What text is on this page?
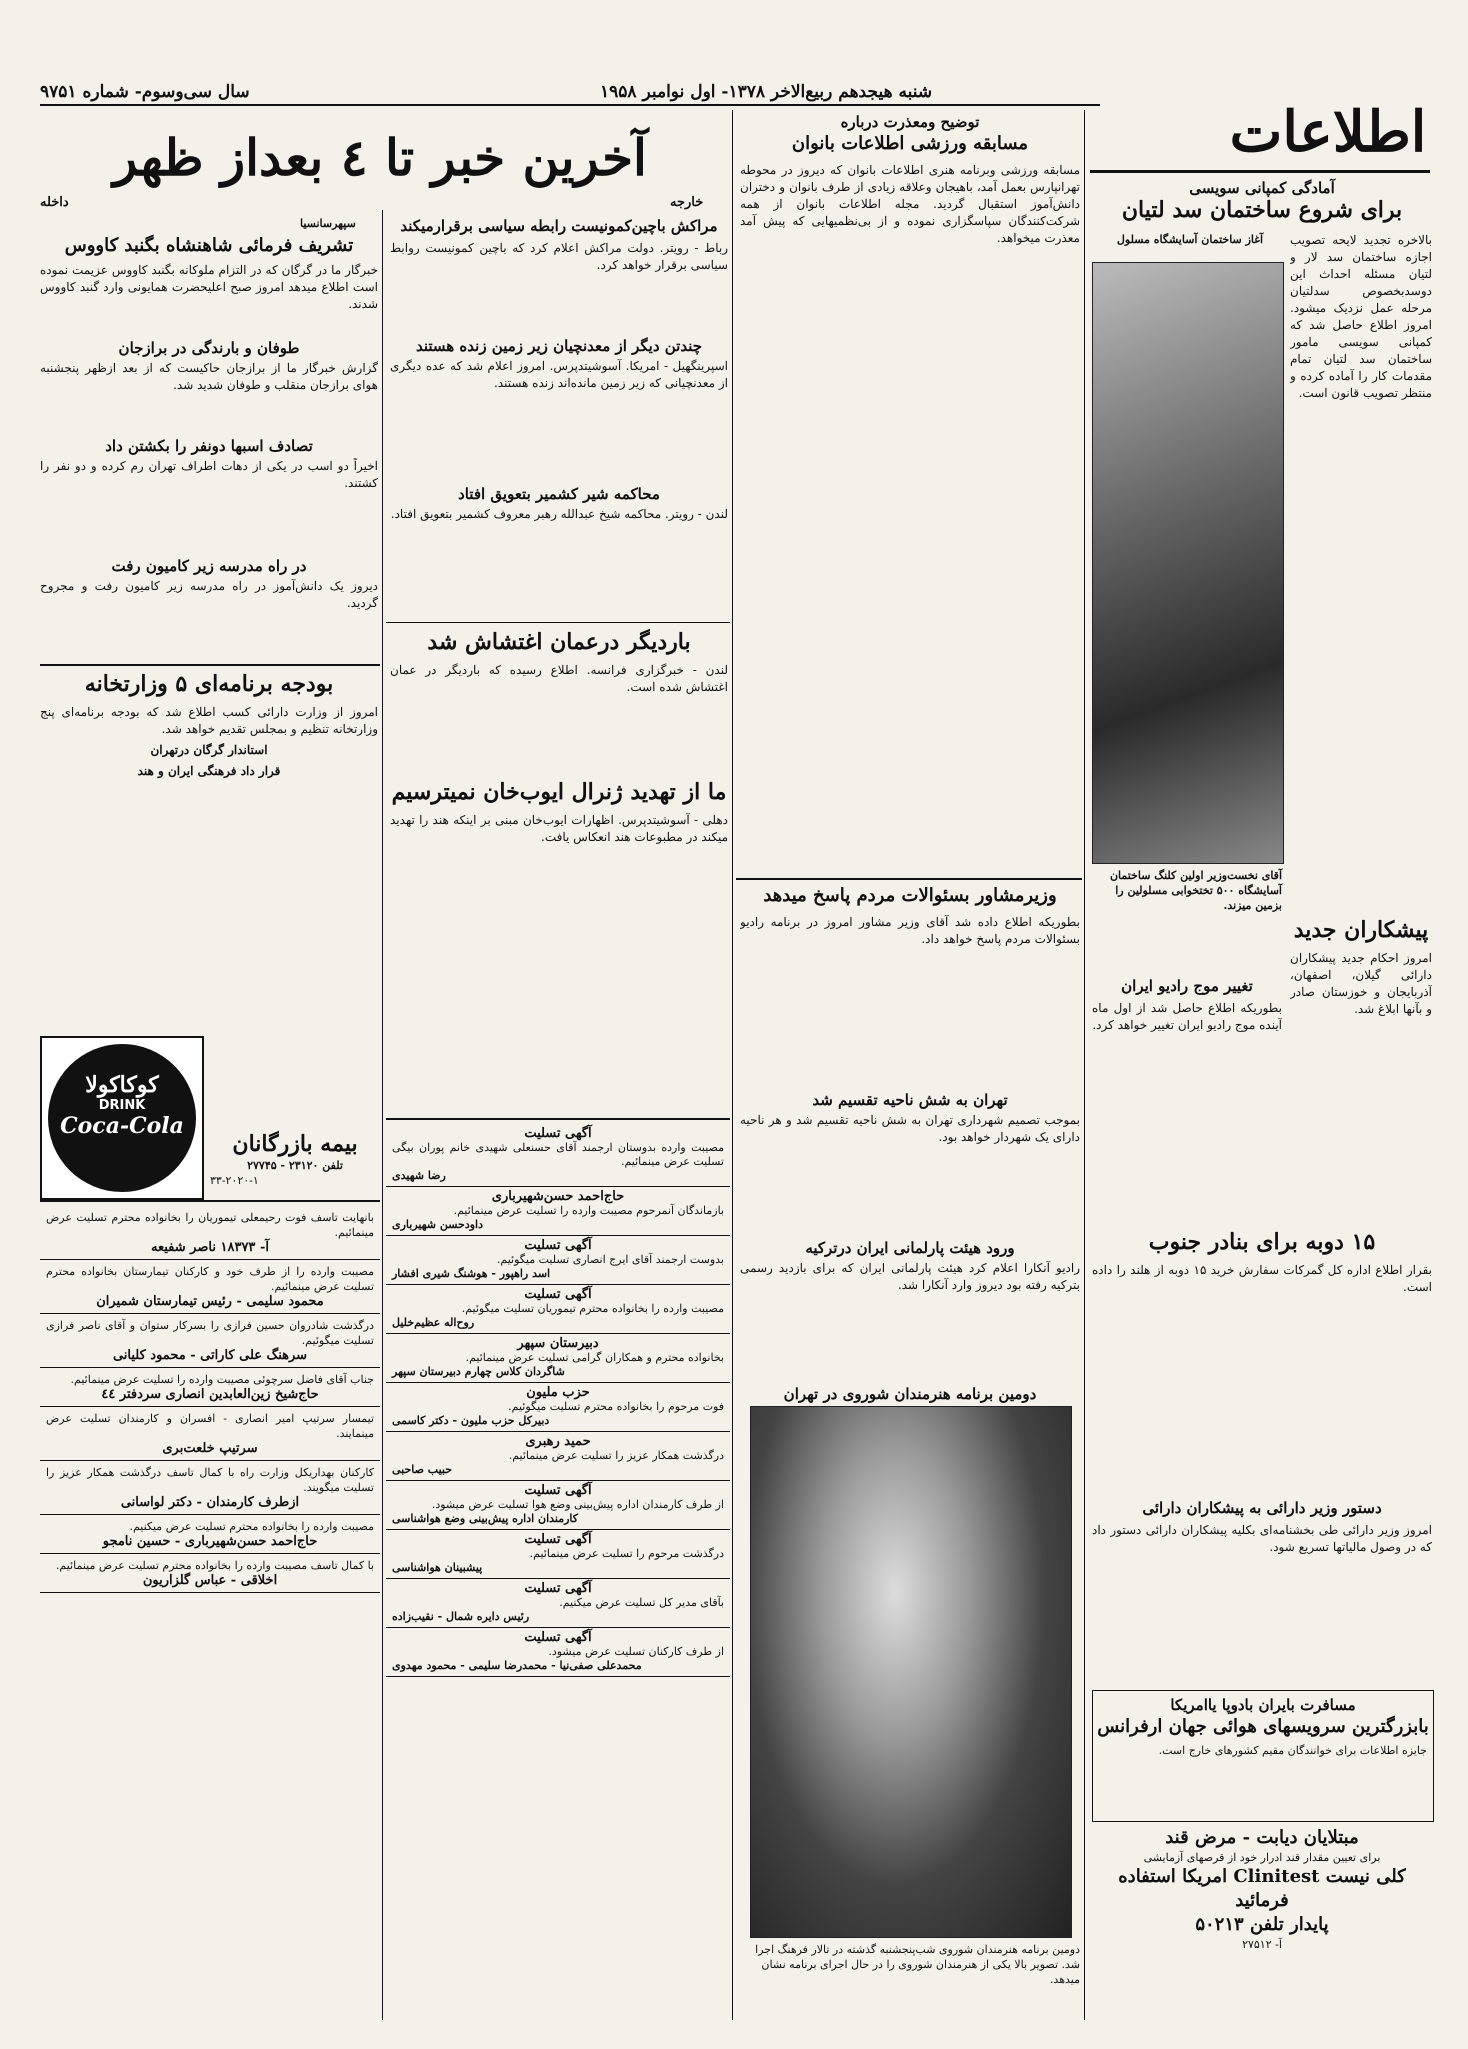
سال سی‌وسوم- شماره ۹۷۵۱	شنبه هیجدهم ربیع‌الاخر ۱۳۷۸- اول نوامبر ۱۹۵۸
اطلاعات
آخرین خبر تا ٤ بعداز ظهر
خارجه
داخله
آمادگی کمپانی سویسی
برای شروع ساختمان سد لتیان

بالاخره تجدید لایحه تصویب اجازه ساختمان سد لار و لتیان مسئله احداث این دوسدبخصوص سدلتیان مرحله عمل نزدیک میشود. امروز اطلاع حاصل شد که کمپانی سویسی مامور ساختمان سد لتیان تمام مقدمات کار را آماده کرده و منتظر تصویب قانون است.

آغاز ساختمان آسایشگاه مسلول
آقای نخست‌وزیر اولین کلنگ ساختمان آسایشگاه ۵۰۰ تختخوابی مسلولین را بزمین میزند.
پیشکاران جدید

امروز احکام جدید پیشکاران دارائی گیلان، اصفهان، آذربایجان و خوزستان صادر و بآنها ابلاغ شد.

تغییر موج رادیو ایران

بطوریکه اطلاع حاصل شد از اول ماه آینده موج رادیو ایران تغییر خواهد کرد.

۱۵ دوبه برای بنادر جنوب

بقرار اطلاع اداره کل گمرکات سفارش خرید ۱۵ دوبه از هلند را داده است.

دستور وزیر دارائی به پیشکاران دارائی

امروز وزیر دارائی طی بخشنامه‌ای بکلیه پیشکاران دارائی دستور داد که در وصول مالیاتها تسریع شود.

مسافرت بایران بادوپا یاامریکا
بابزرگترین سرویسهای هوائی جهان ارفرانس
جایزه اطلاعات برای خوانندگان مقیم کشورهای خارج است.
مبتلایان دیابت - مرض قند
برای تعیین مقدار قند ادرار خود از قرصهای آزمایشی
کلی نیست Clinitest امریکا استفاده فرمائید
پایدار تلفن ۵۰۲۱۳
آ- ۲۷۵۱۲
توضیح ومعذرت درباره
مسابقه ورزشی اطلاعات بانوان

مسابقه ورزشی وبرنامه هنری اطلاعات بانوان که دیروز در محوطه تهرانپارس بعمل آمد، باهیجان وعلاقه زیادی از طرف بانوان و دختران دانش‌آموز استقبال گردید. مجله اطلاعات بانوان از همه شرکت‌کنندگان سپاسگزاری نموده و از بی‌نظمیهایی که پیش آمد معذرت میخواهد.

وزیرمشاور بسئوالات مردم پاسخ میدهد

بطوریکه اطلاع داده شد آقای وزیر مشاور امروز در برنامه رادیو بسئوالات مردم پاسخ خواهد داد.

تهران به شش ناحیه تقسیم شد

بموجب تصمیم شهرداری تهران به شش ناحیه تقسیم شد و هر ناحیه دارای یک شهردار خواهد بود.

ورود هیئت پارلمانی ایران درترکیه

رادیو آنکارا اعلام کرد هیئت پارلمانی ایران که برای بازدید رسمی بترکیه رفته بود دیروز وارد آنکارا شد.

دومین برنامه هنرمندان شوروی در تهران
دومین برنامه هنرمندان شوروی شب‌پنجشنبه گذشته در تالار فرهنگ اجرا شد. تصویر بالا یکی از هنرمندان شوروی را در حال اجرای برنامه نشان میدهد.
مراکش باچین‌کمونیست رابطه سیاسی برقرارمیکند

رباط - رویتر. دولت مراکش اعلام کرد که باچین کمونیست روابط سیاسی برقرار خواهد کرد.

چندتن دیگر از معدنچیان زیر زمین زنده هستند

اسپرینگهیل - امریکا. آسوشیتدپرس. امروز اعلام شد که عده دیگری از معدنچیانی که زیر زمین مانده‌اند زنده هستند.

محاکمه شیر کشمیر بتعویق افتاد

لندن - رویتر. محاکمه شیخ عبدالله رهبر معروف کشمیر بتعویق افتاد.

باردیگر درعمان اغتشاش شد

لندن - خبرگزاری فرانسه. اطلاع رسیده که باردیگر در عمان اغتشاش شده است.

ما از تهدید ژنرال ایوب‌خان نمیترسیم

دهلی - آسوشیتدپرس. اظهارات ایوب‌خان مبنی بر اینکه هند را تهدید میکند در مطبوعات هند انعکاس یافت.

آگهی تسلیت
مصیبت وارده بدوستان ارجمند آقای حسنعلی شهیدی خانم پوران بیگی تسلیت عرض مینمائیم.
رضا شهیدی
حاج‌احمد حسن‌شهیرباری
بازماندگان آنمرحوم مصیبت وارده را تسلیت عرض مینمائیم.
داودحسن شهیرباری
آگهی تسلیت
بدوست ارجمند آقای ایرج انصاری تسلیت میگوئیم.
اسد راهپور - هوشنگ شیری افشار
آگهی تسلیت
مصیبت وارده را بخانواده محترم تیموریان تسلیت میگوئیم.
روح‌اله عظیم‌خلیل
دبیرستان سپهر
بخانواده محترم و همکاران گرامی تسلیت عرض مینمائیم.
شاگردان کلاس چهارم دبیرستان سپهر
حزب ملیون
فوت مرحوم را بخانواده محترم تسلیت میگوئیم.
دبیرکل حزب ملیون - دکتر کاسمی
حمید رهبری
درگذشت همکار عزیز را تسلیت عرض مینمائیم.
حبیب صاحبی
آگهی تسلیت
از طرف کارمندان اداره پیش‌بینی وضع هوا تسلیت عرض میشود.
کارمندان اداره پیش‌بینی وضع هواشناسی
آگهی تسلیت
درگذشت مرحوم را تسلیت عرض مینمائیم.
پیشبینان هواشناسی
آگهی تسلیت
بآقای مدیر کل تسلیت عرض میکنیم.
رئیس دایره شمال - نقیب‌زاده
آگهی تسلیت
از طرف کارکنان تسلیت عرض میشود.
محمدعلی صفی‌نیا - محمدرضا سلیمی - محمود مهدوی
سپهرسانسیا
تشریف فرمائی شاهنشاه بگنبد کاووس

خبرگار ما در گرگان که در التزام ملوکانه بگنبد کاووس عزیمت نموده است اطلاع میدهد امروز صبح اعلیحضرت همایونی وارد گنبد کاووس شدند.

طوفان و بارندگی در برازجان

گزارش خبرگار ما از برازجان حاکیست که از بعد ازظهر پنجشنبه هوای برازجان منقلب و طوفان شدید شد.

تصادف اسبها دونفر را بکشتن داد

اخیراً دو اسب در یکی از دهات اطراف تهران رم کرده و دو نفر را کشتند.

در راه مدرسه زیر کامیون رفت

دیروز یک دانش‌آموز در راه مدرسه زیر کامیون رفت و مجروح گردید.

بودجه برنامه‌ای ۵ وزارتخانه

امروز از وزارت دارائی کسب اطلاع شد که بودجه برنامه‌ای پنج وزارتخانه تنظیم و بمجلس تقدیم خواهد شد.

استاندار گرگان درتهران

قرار داد فرهنگی ایران و هند

کوکاکولا
DRINK
Coca-Cola
بیمه بازرگانان
تلفن ۲۳۱۲۰ - ۲۷۷۴۵
۳۳-۲۰۲۰-۱
بانهایت تاسف فوت رحیمعلی تیموریان را بخانواده محترم تسلیت عرض مینمائیم.
آ- ۱۸۳۷۳ ناصر شفیعه
مصیبت وارده را از طرف خود و کارکنان تیمارستان بخانواده محترم تسلیت عرض مینمائیم.
محمود سلیمی - رئیس تیمارستان شمیران
درگذشت شادروان حسین فرازی را بسرکار ستوان و آقای ناصر فرازی تسلیت میگوئیم.
سرهنگ علی کاراتی - محمود کلیانی
جناب آقای فاضل سرچوئی مصیبت وارده را تسلیت عرض مینمائیم.
حاج‌شیخ زین‌العابدین انصاری سردفتر ٤٤
تیمسار سرتیپ امیر انصاری - افسران و کارمندان تسلیت عرض مینمایند.
سرتیپ خلعت‌بری
کارکنان بهداریکل وزارت راه با کمال تاسف درگذشت همکار عزیز را تسلیت میگویند.
ازطرف کارمندان - دکتر لواسانی
مصیبت وارده را بخانواده محترم تسلیت عرض میکنیم.
حاج‌احمد حسن‌شهیرباری - حسین نامجو
با کمال تاسف مصیبت وارده را بخانواده محترم تسلیت عرض مینمائیم.
اخلاقی - عباس گلزاریون
